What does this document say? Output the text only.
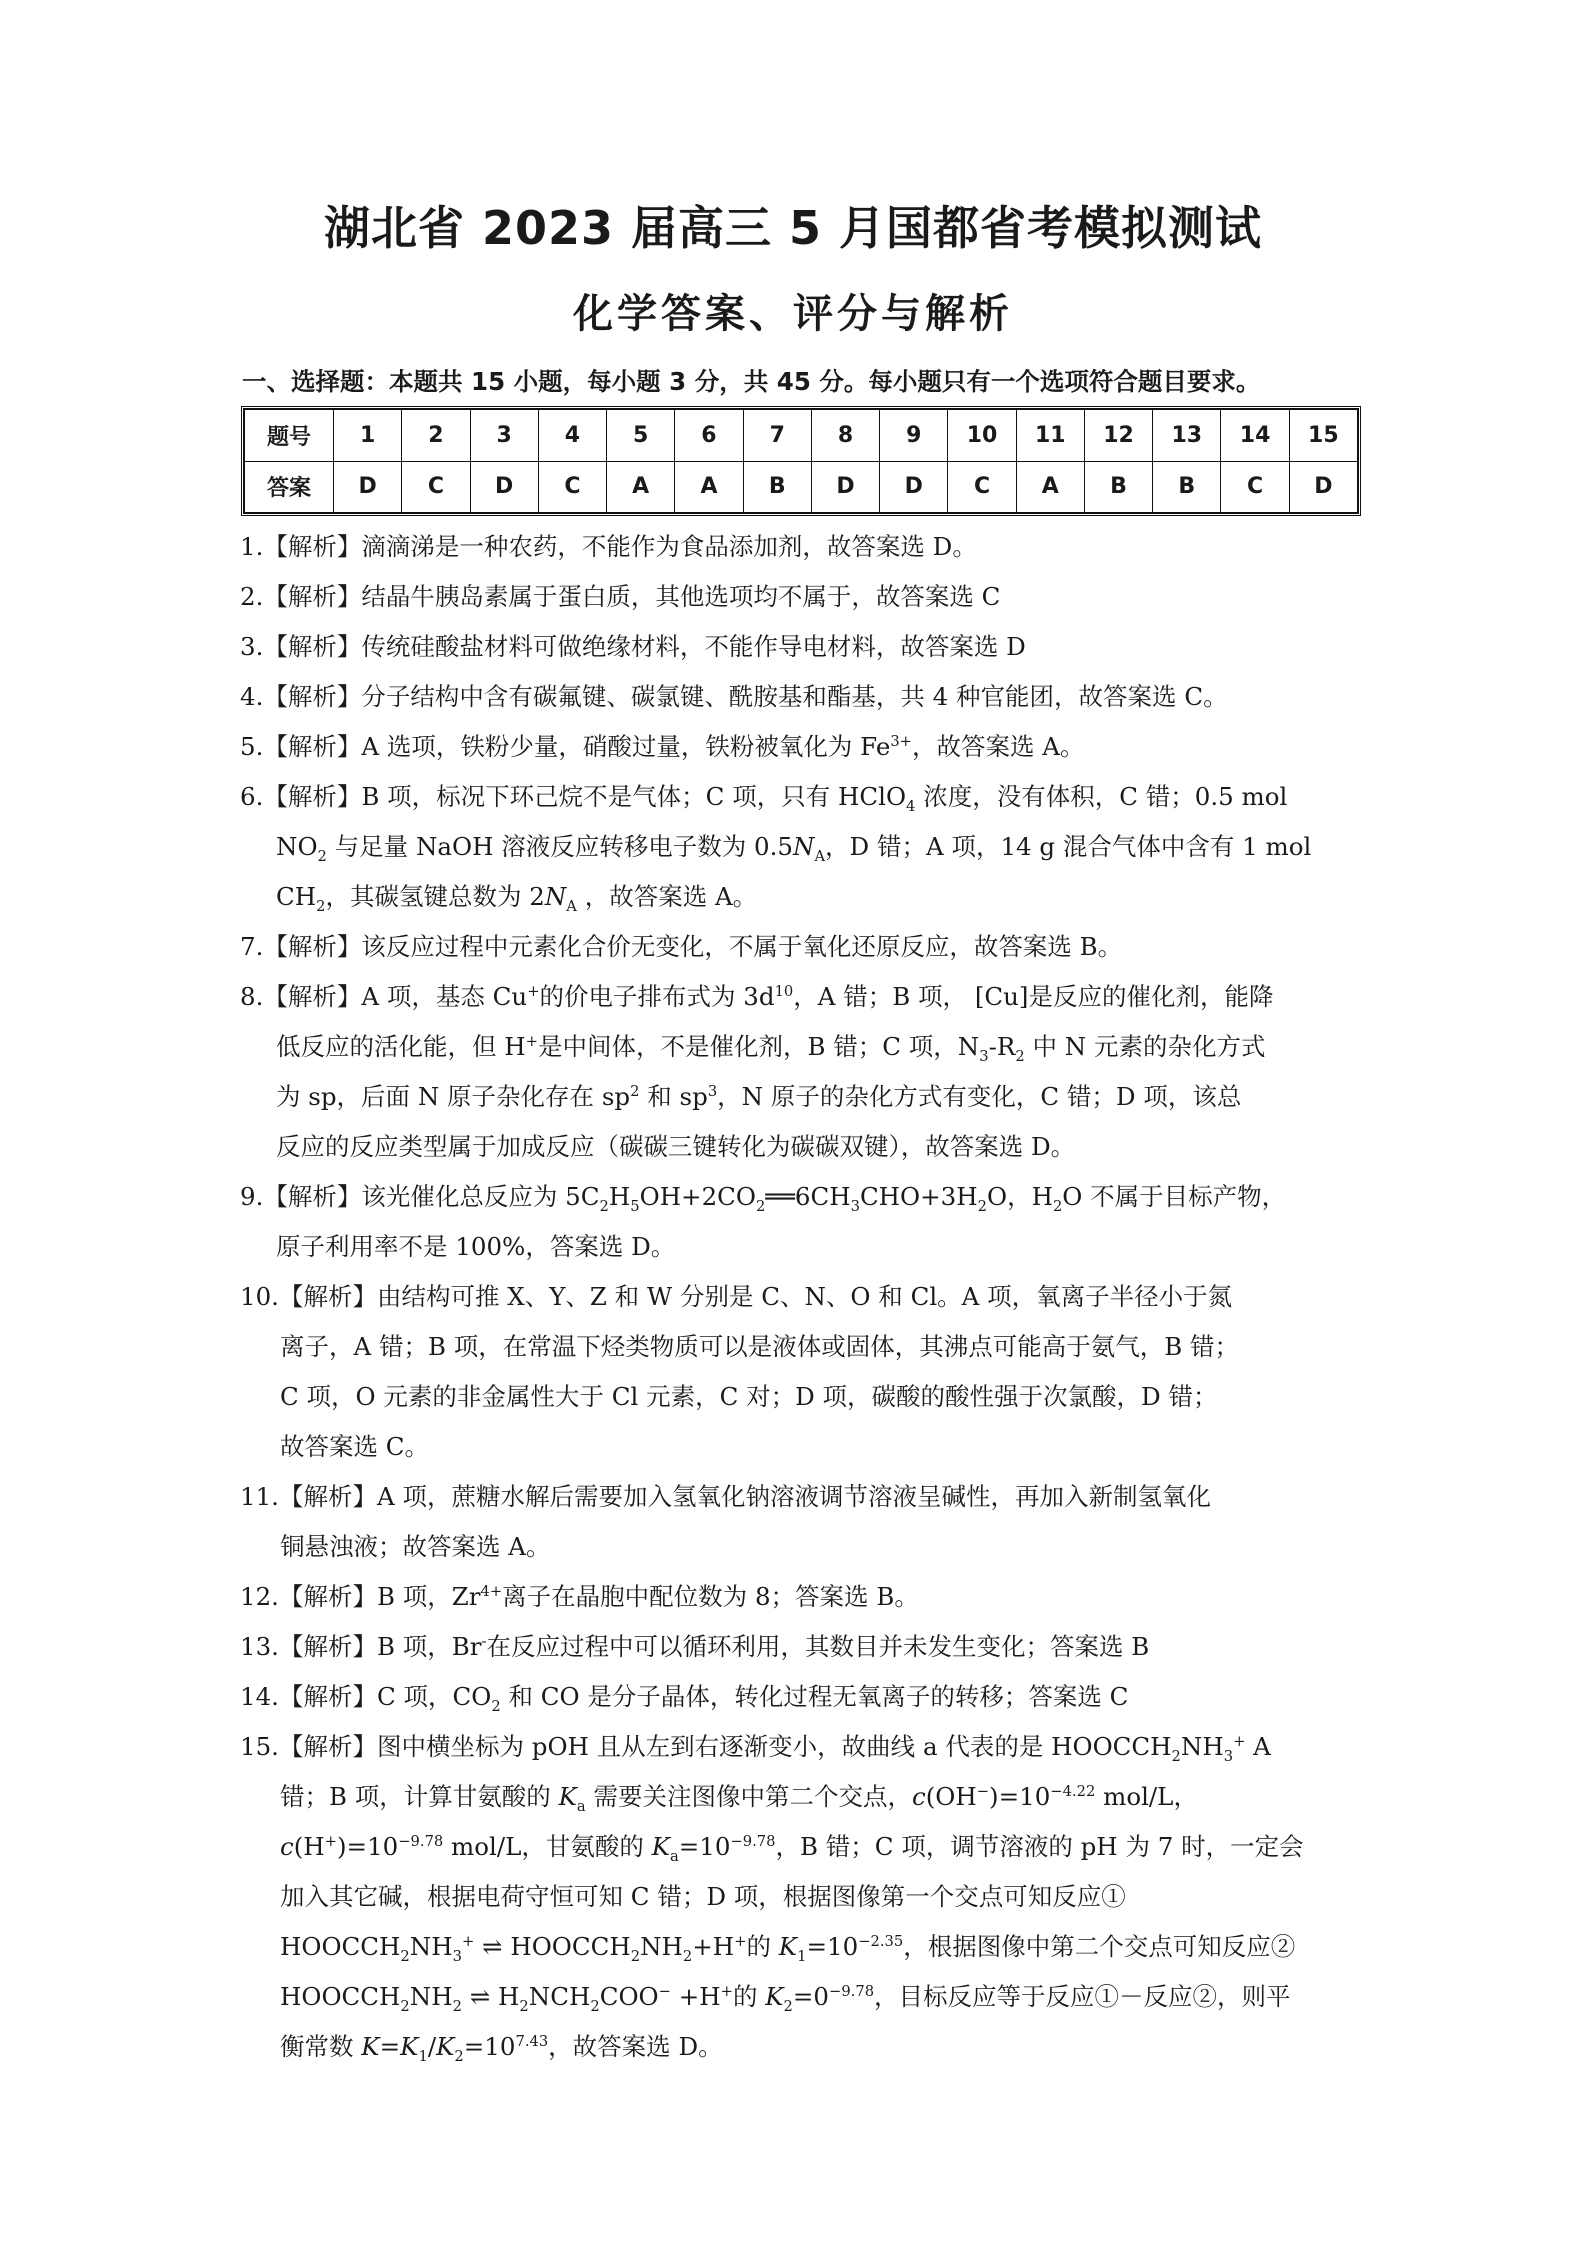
湖北省 2023 届高三 5 月国都省考模拟测试
化学答案、评分与解析

一、选择题：本题共 15 小题，每小题 3 分，共 45 分。每小题只有一个选项符合题目要求。

题号	1	2	3	4	5	6	7	8	9	10	11	12	13	14	15
答案	D	C	D	C	A	A	B	D	D	C	A	B	B	C	D
1.【解析】滴滴涕是一种农药，不能作为食品添加剂，故答案选 D。
2.【解析】结晶牛胰岛素属于蛋白质，其他选项均不属于，故答案选 C
3.【解析】传统硅酸盐材料可做绝缘材料，不能作导电材料，故答案选 D
4.【解析】分子结构中含有碳氟键、碳氯键、酰胺基和酯基，共 4 种官能团，故答案选 C。
5.【解析】A 选项，铁粉少量，硝酸过量，铁粉被氧化为 $Fe^{3+}$，故答案选 A。
6.【解析】B 项，标况下环己烷不是气体；C 项，只有 HClO$_4$ 浓度，没有体积，C 错；0.5 mol
$NO_2$ 与足量 NaOH 溶液反应转移电子数为 $0.5N_A$，D 错；A 项，14 g 混合气体中含有 1 mol
$CH_2$，其碳氢键总数为 $2N_A$ ，故答案选 A。
7.【解析】该反应过程中元素化合价无变化，不属于氧化还原反应，故答案选 B。
8.【解析】A 项，基态 Cu+的价电子排布式为 $3d^{10}$，A 错；B 项， [Cu]是反应的催化剂，能降
低反应的活化能，但 H+是中间体，不是催化剂，B 错；C 项，$N_3-R_2$ 中 N 元素的杂化方式
为 sp，后面 N 原子杂化存在 $sp^2$ 和 $sp^3$，N 原子的杂化方式有变化，C 错；D 项，该总
反应的反应类型属于加成反应（碳碳三键转化为碳碳双键），故答案选 D。
9.【解析】该光催化总反应为 $5C_2H_5OH+2CO_2══6CH_3CHO+3H_2O$，$H_2O$ 不属于目标产物，
原子利用率不是 100%，答案选 D。
10.【解析】由结构可推 X、Y、Z 和 W 分别是 C、N、O 和 Cl。A 项，氧离子半径小于氮
离子，A 错；B 项，在常温下烃类物质可以是液体或固体，其沸点可能高于氨气，B 错；
C 项，O 元素的非金属性大于 Cl 元素，C 对；D 项，碳酸的酸性强于次氯酸，D 错；
故答案选 C。
11.【解析】A 项，蔗糖水解后需要加入氢氧化钠溶液调节溶液呈碱性，再加入新制氢氧化
铜悬浊液；故答案选 A。
12.【解析】B 项，$Zr^{4+}$离子在晶胞中配位数为 8；答案选 B。
13.【解析】B 项，Br-在反应过程中可以循环利用，其数目并未发生变化；答案选 B
14.【解析】C 项，$CO_2$ 和 CO 是分子晶体，转化过程无氧离子的转移；答案选 C
15.【解析】图中横坐标为 pOH 且从左到右逐渐变小，故曲线 a 代表的是 $HOOCCH_2NH_3^+$ A
错；B 项，计算甘氨酸的 $K_a$ 需要关注图像中第二个交点，$c(OH^-)=10^{-4.22}$ mol/L，
$c(H^+)=10^{-9.78}$ mol/L，甘氨酸的 $K_a=10^{-9.78}$，B 错；C 项，调节溶液的 pH 为 7 时，一定会
加入其它碱，根据电荷守恒可知 C 错；D 项，根据图像第一个交点可知反应①
$HOOCCH_2NH_3^+$ ⇌ $HOOCCH_2NH_2+H^+$的 $K_1=10^{-2.35}$，根据图像中第二个交点可知反应②
$HOOCCH_2NH_2$ ⇌ $H_2NCH_2COO^- +H^+$的 $K_2=0^{-9.78}$，目标反应等于反应①－反应②，则平
衡常数 $K=K_1/K_2=10^{7.43}$，故答案选 D。
